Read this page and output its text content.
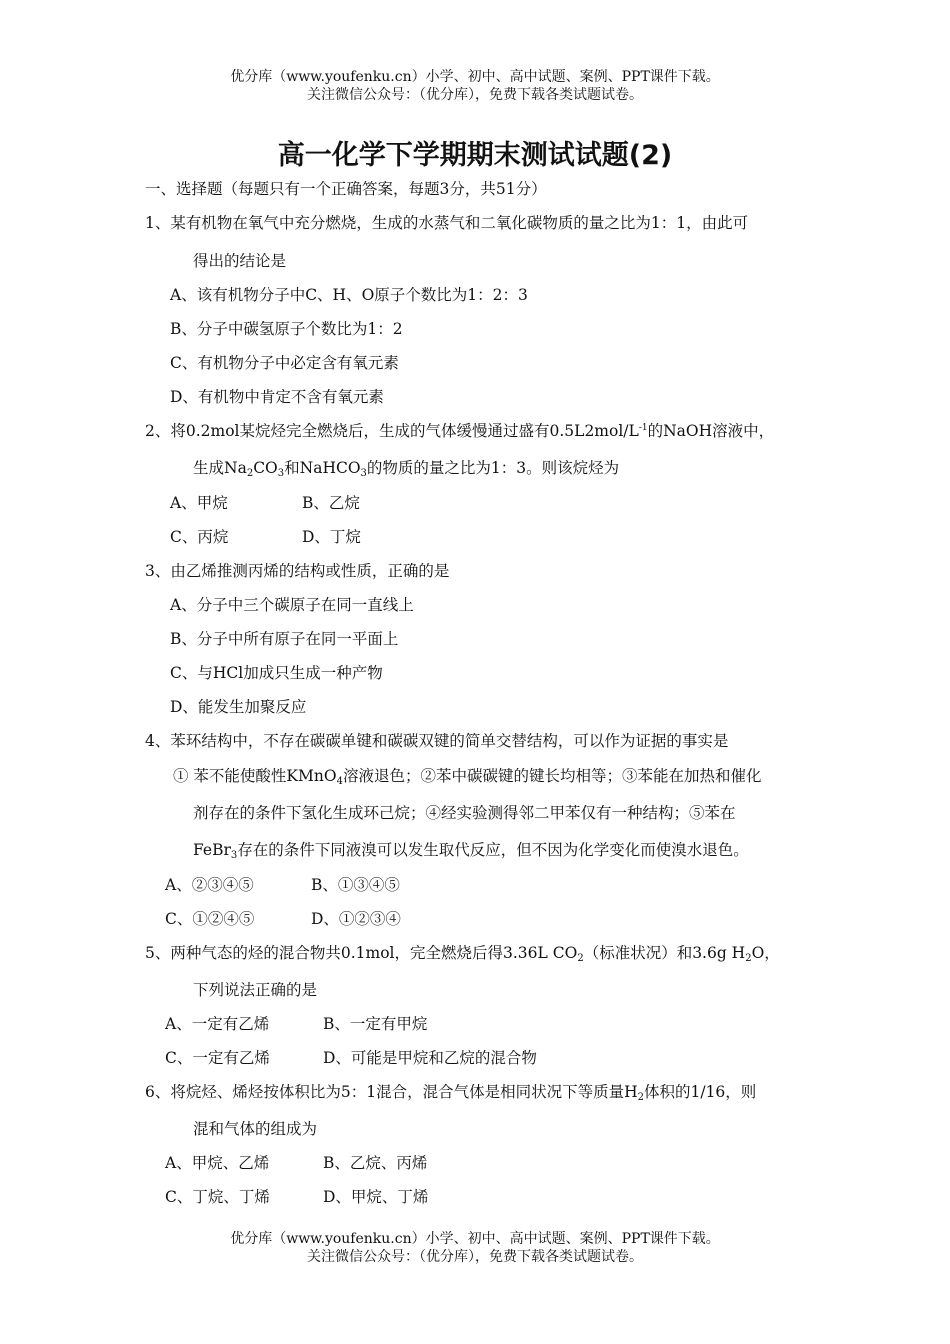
优分库（www.youfenku.cn）小学、初中、高中试题、案例、PPT课件下载。
关注微信公众号：（优分库），免费下载各类试题试卷。
高一化学下学期期末测试试题(2)
一、选择题（每题只有一个正确答案，每题3分，共51分）
1、某有机物在氧气中充分燃烧，生成的水蒸气和二氧化碳物质的量之比为1：1，由此可
得出的结论是
A、该有机物分子中C、H、O原子个数比为1：2：3
B、分子中碳氢原子个数比为1：2
C、有机物分子中必定含有氧元素
D、有机物中肯定不含有氧元素
2、将0.2mol某烷烃完全燃烧后，生成的气体缓慢通过盛有$0.5L2mol/L^{-1}$的NaOH溶液中，
生成$Na_2CO_3$和NaHCO$_3$的物质的量之比为1：3。则该烷烃为
A、甲烷	B、乙烷
C、丙烷	D、丁烷
3、由乙烯推测丙烯的结构或性质，正确的是
A、分子中三个碳原子在同一直线上
B、分子中所有原子在同一平面上
C、与HCl加成只生成一种产物
D、能发生加聚反应
4、苯环结构中，不存在碳碳单键和碳碳双键的简单交替结构，可以作为证据的事实是
① 苯不能使酸性KMnO$_4$溶液退色；②苯中碳碳键的键长均相等；③苯能在加热和催化
剂存在的条件下氢化生成环己烷；④经实验测得邻二甲苯仅有一种结构；⑤苯在
FeBr$_3$存在的条件下同液溴可以发生取代反应，但不因为化学变化而使溴水退色。
A、②③④⑤	B、①③④⑤
C、①②④⑤	D、①②③④
5、两种气态的烃的混合物共0.1mol，完全燃烧后得3.36L $CO_2$（标准状况）和3.6g $H_2O$，
下列说法正确的是
A、一定有乙烯	B、一定有甲烷
C、一定有乙烯	D、可能是甲烷和乙烷的混合物
6、将烷烃、烯烃按体积比为5：1混合，混合气体是相同状况下等质量$H_2$体积的1/16，则
混和气体的组成为
A、甲烷、乙烯	B、乙烷、丙烯
C、丁烷、丁烯	D、甲烷、丁烯
优分库（www.youfenku.cn）小学、初中、高中试题、案例、PPT课件下载。
关注微信公众号：（优分库），免费下载各类试题试卷。
